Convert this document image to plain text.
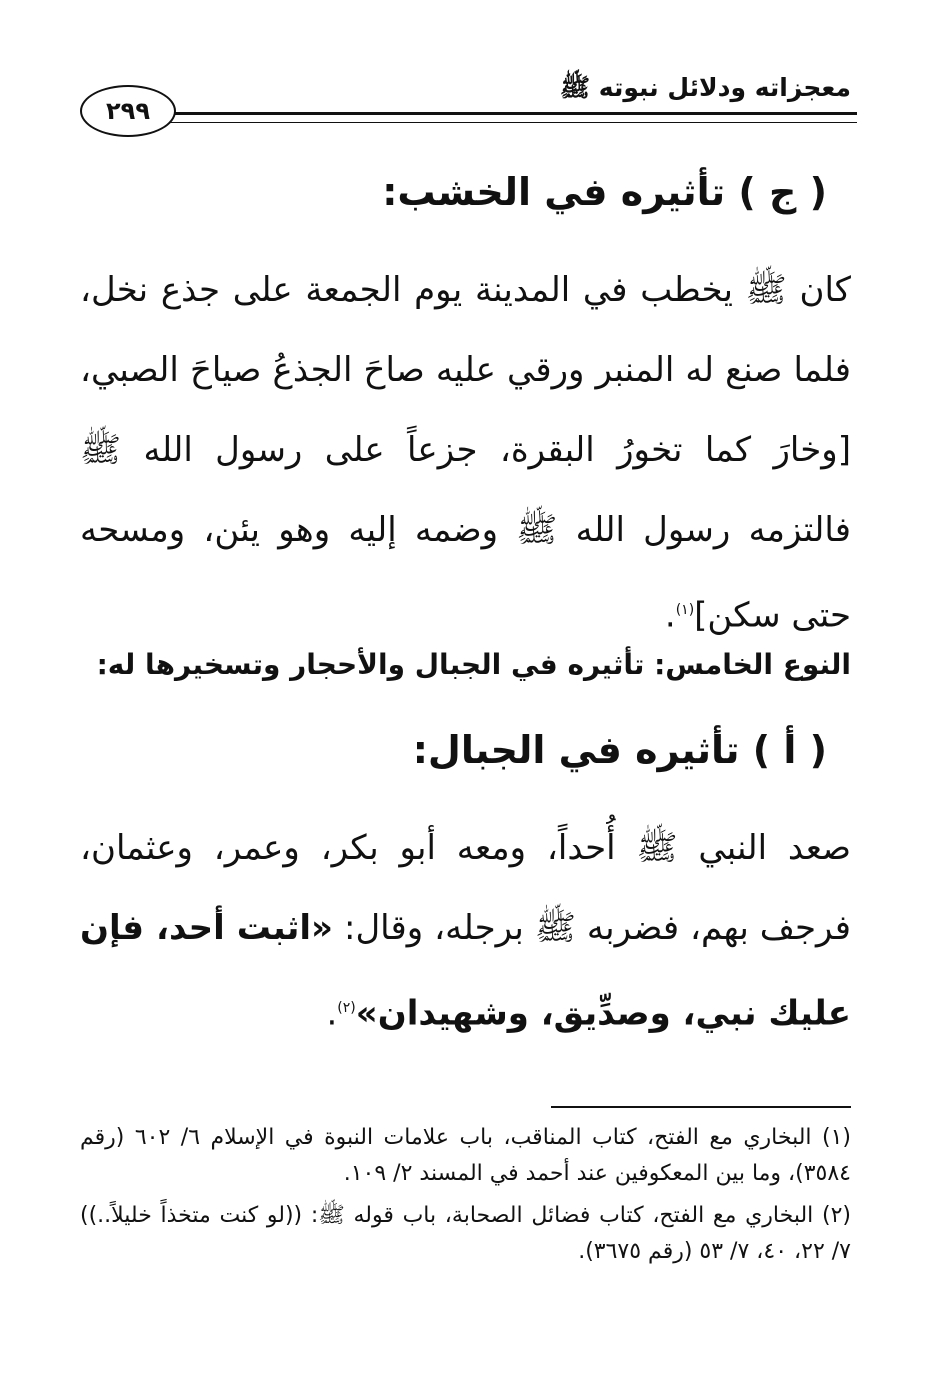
معجزاته ودلائل نبوته ﷺ
٢٩٩
( ج ) تأثيره في الخشب:

كان ﷺ يخطب في المدينة يوم الجمعة على جذع نخل، فلما صنع له المنبر ورقي عليه صاحَ الجذعُ صياحَ الصبي، [وخارَ كما تخورُ البقرة، جزعاً على رسول الله ﷺ فالتزمه رسول الله ﷺ وضمه إليه وهو يئن، ومسحه حتى سكن]$^{(١)}$.

النوع الخامس: تأثيره في الجبال والأحجار وتسخيرها له:
( أ ) تأثيره في الجبال:

صعد النبي ﷺ أُحداً، ومعه أبو بكر، وعمر، وعثمان، فرجف بهم، فضربه ﷺ برجله، وقال: «اثبت أحد، فإن عليك نبي، وصدِّيق، وشهيدان»$^{(٢)}$.

(١) البخاري مع الفتح، كتاب المناقب، باب علامات النبوة في الإسلام ٦/ ٦٠٢ (رقم ٣٥٨٤)، وما بين المعكوفين عند أحمد في المسند ٢/ ١٠٩.

(٢) البخاري مع الفتح، كتاب فضائل الصحابة، باب قوله ﷺ: ((لو كنت متخذاً خليلاً..)) ٧/ ٢٢، ٤٠، ٧/ ٥٣ (رقم ٣٦٧٥).
